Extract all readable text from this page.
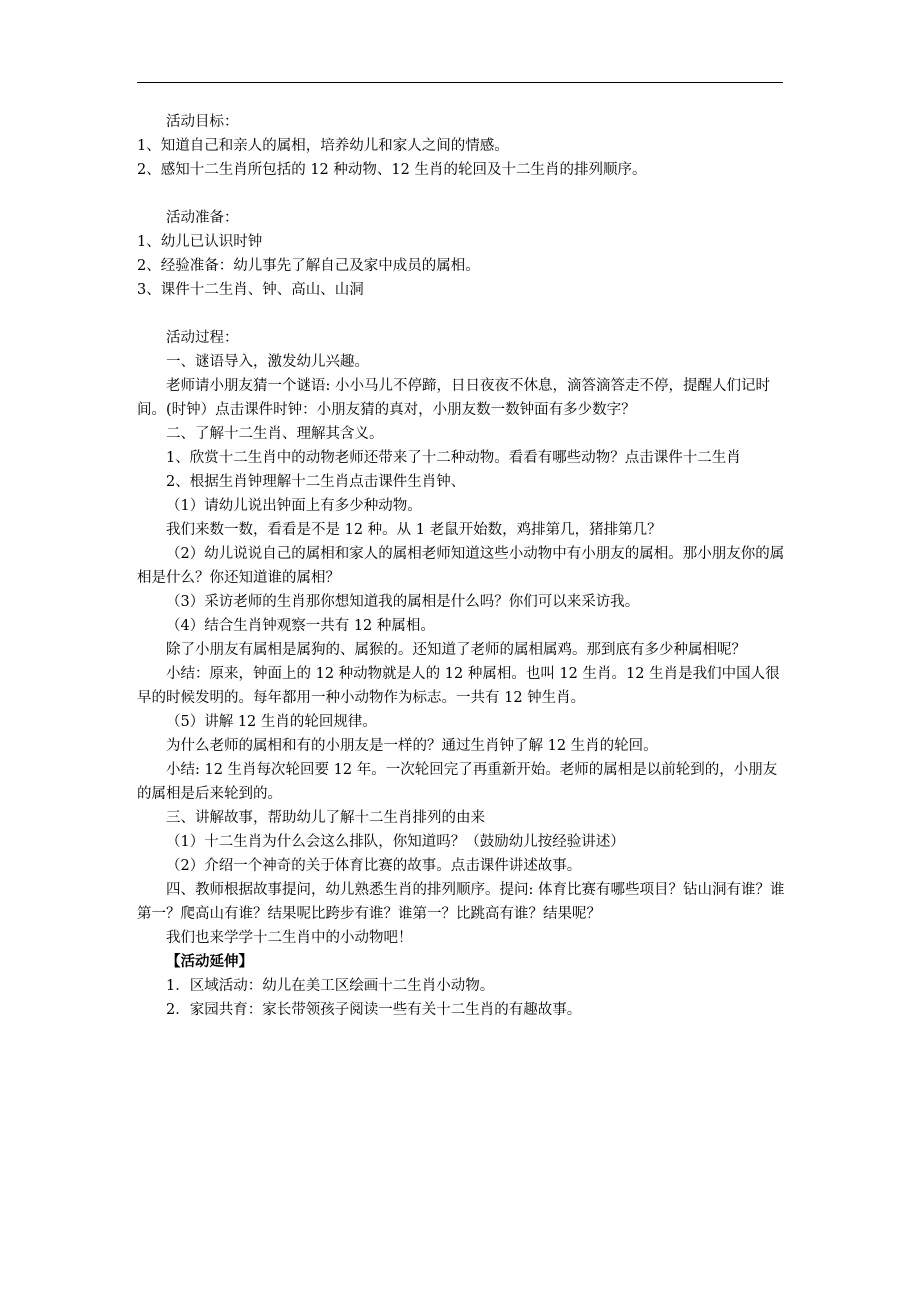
活动目标：

1、知道自己和亲人的属相，培养幼儿和家人之间的情感。

2、感知十二生肖所包括的 12 种动物、12 生肖的轮回及十二生肖的排列顺序。

活动准备：

1、幼儿已认识时钟

2、经验准备：幼儿事先了解自己及家中成员的属相。

3、课件十二生肖、钟、高山、山洞

活动过程：

一、谜语导入，激发幼儿兴趣。

老师请小朋友猜一个谜语: 小小马儿不停蹄，日日夜夜不休息，滴答滴答走不停，提醒人们记时间。(时钟）点击课件时钟：小朋友猜的真对，小朋友数一数钟面有多少数字？

二、了解十二生肖、理解其含义。

1、欣赏十二生肖中的动物老师还带来了十二种动物。看看有哪些动物？点击课件十二生肖

2、根据生肖钟理解十二生肖点击课件生肖钟、

（1）请幼儿说出钟面上有多少种动物。

我们来数一数，看看是不是 12 种。从 1 老鼠开始数，鸡排第几，猪排第几？

（2）幼儿说说自己的属相和家人的属相老师知道这些小动物中有小朋友的属相。那小朋友你的属相是什么？你还知道谁的属相？

（3）采访老师的生肖那你想知道我的属相是什么吗？你们可以来采访我。

（4）结合生肖钟观察一共有 12 种属相。

除了小朋友有属相是属狗的、属猴的。还知道了老师的属相属鸡。那到底有多少种属相呢？

小结：原来，钟面上的 12 种动物就是人的 12 种属相。也叫 12 生肖。12 生肖是我们中国人很早的时候发明的。每年都用一种小动物作为标志。一共有 12 钟生肖。

（5）讲解 12 生肖的轮回规律。

为什么老师的属相和有的小朋友是一样的？通过生肖钟了解 12 生肖的轮回。

小结: 12 生肖每次轮回要 12 年。一次轮回完了再重新开始。老师的属相是以前轮到的，小朋友的属相是后来轮到的。

三、讲解故事，帮助幼儿了解十二生肖排列的由来

（1）十二生肖为什么会这么排队，你知道吗？（鼓励幼儿按经验讲述）

（2）介绍一个神奇的关于体育比赛的故事。点击课件讲述故事。

四、教师根据故事提问，幼儿熟悉生肖的排列顺序。提问: 体育比赛有哪些项目？钻山洞有谁？谁第一？爬高山有谁？结果呢比跨步有谁？谁第一？比跳高有谁？结果呢？

我们也来学学十二生肖中的小动物吧！

【活动延伸】

1．区域活动：幼儿在美工区绘画十二生肖小动物。

2．家园共育：家长带领孩子阅读一些有关十二生肖的有趣故事。
